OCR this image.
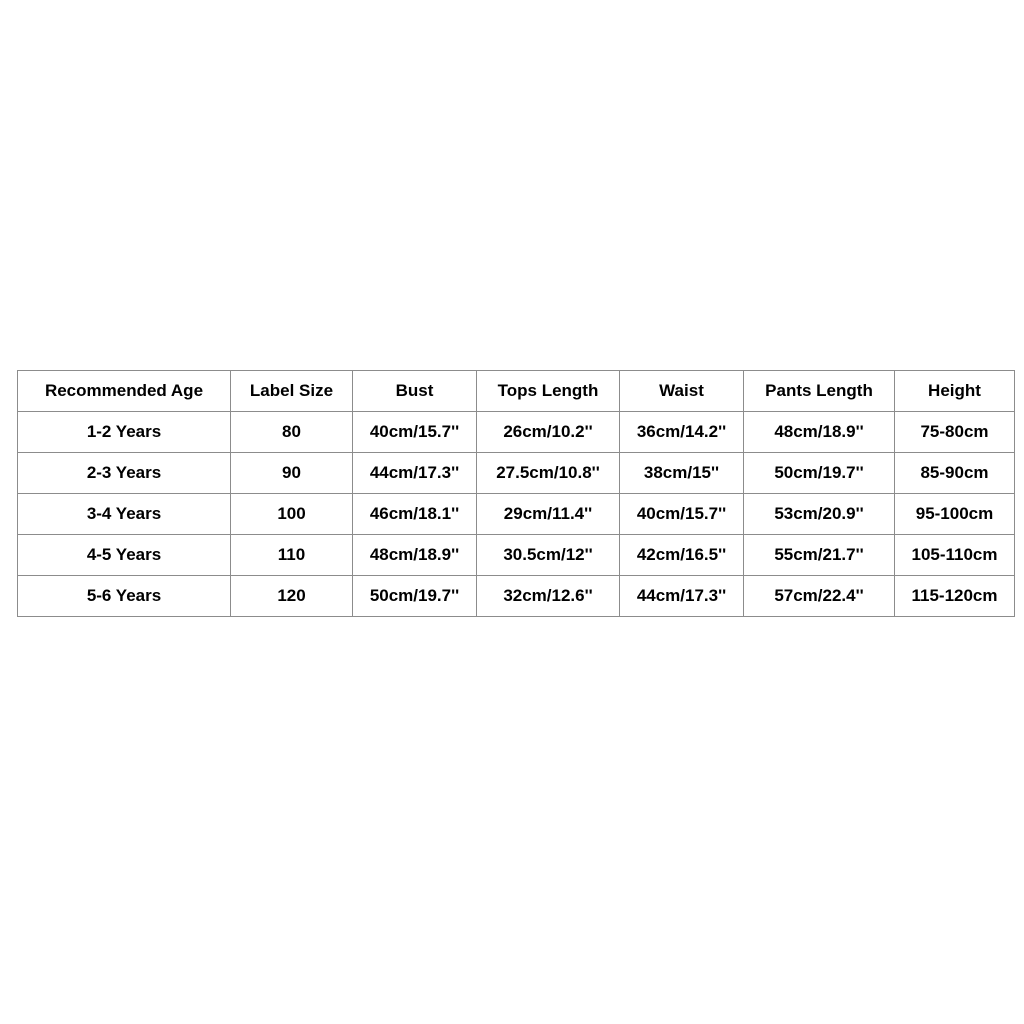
Recommended Age	Label Size	Bust	Tops Length	Waist	Pants Length	Height
1-2 Years	80	40cm/15.7''	26cm/10.2''	36cm/14.2''	48cm/18.9''	75-80cm
2-3 Years	90	44cm/17.3''	27.5cm/10.8''	38cm/15''	50cm/19.7''	85-90cm
3-4 Years	100	46cm/18.1''	29cm/11.4''	40cm/15.7''	53cm/20.9''	95-100cm
4-5 Years	110	48cm/18.9''	30.5cm/12''	42cm/16.5''	55cm/21.7''	105-110cm
5-6 Years	120	50cm/19.7''	32cm/12.6''	44cm/17.3''	57cm/22.4''	115-120cm
